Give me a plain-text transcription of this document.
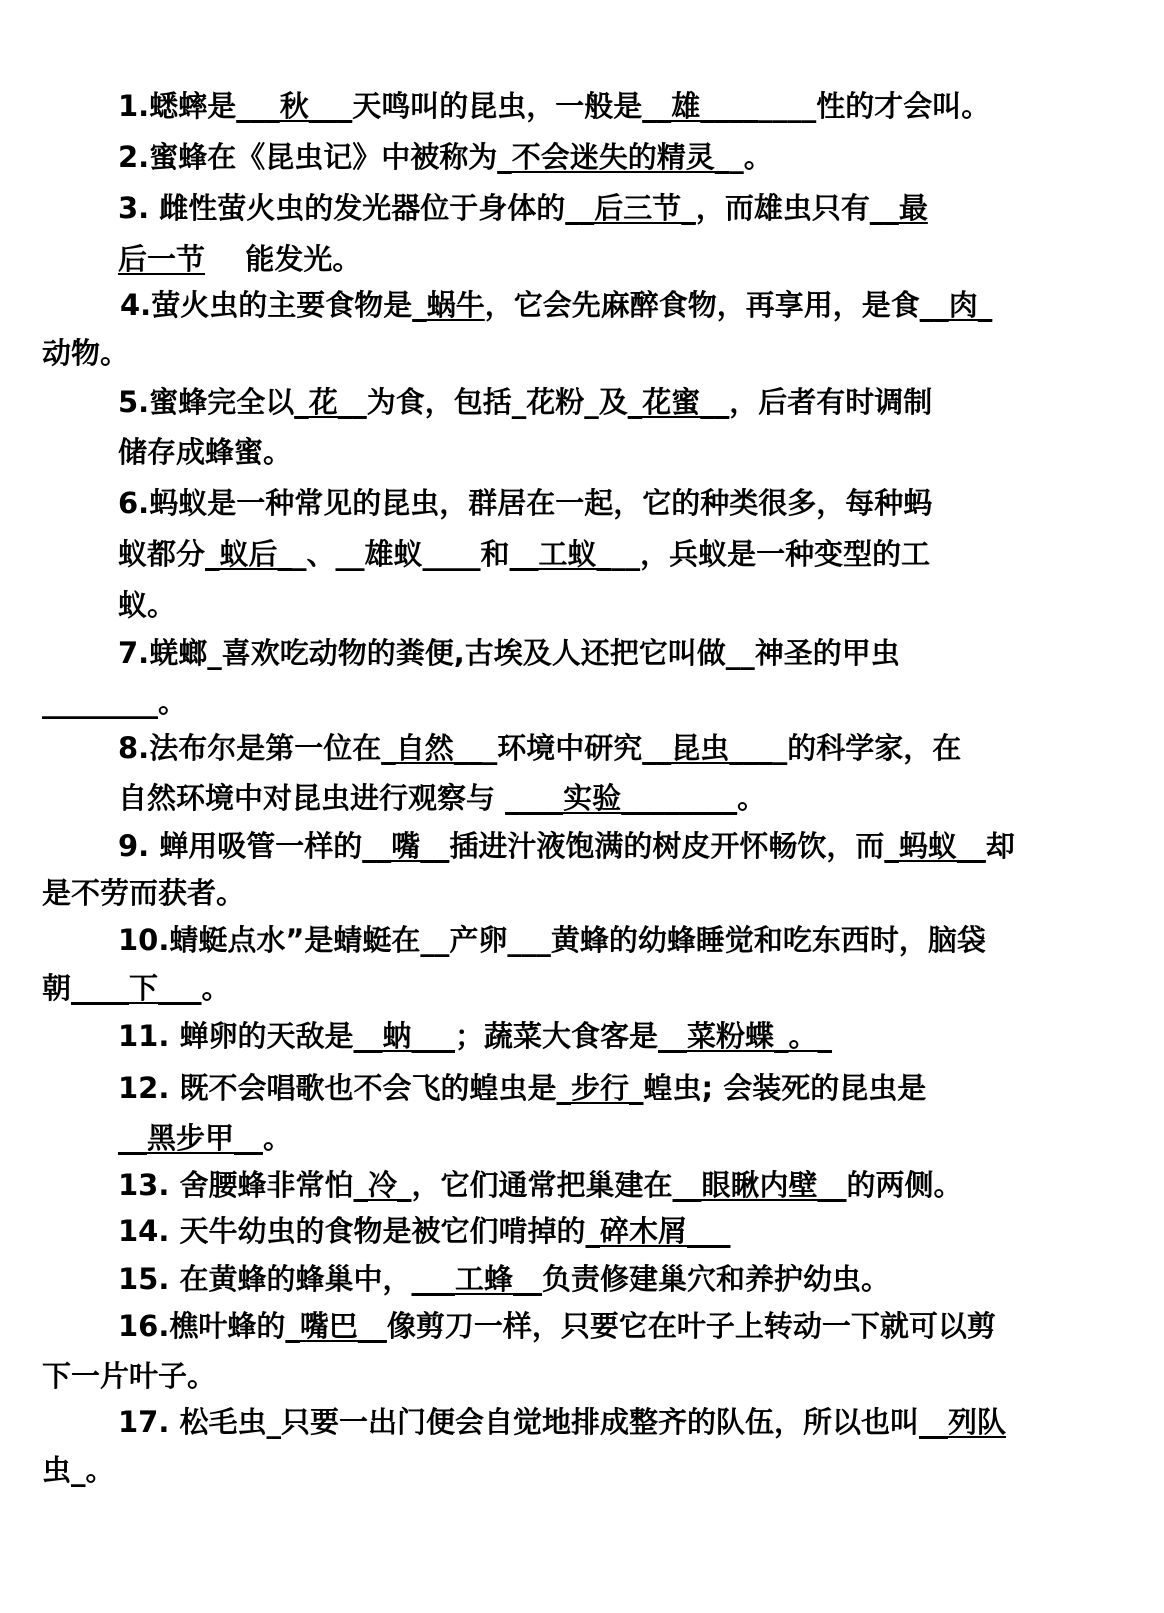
1.蟋蟀是___秋___天鸣叫的昆虫，一般是__雄________性的才会叫。
2.蜜蜂在《昆虫记》中被称为_不会迷失的精灵__。
3. 雌性萤火虫的发光器位于身体的__后三节_，而雄虫只有__最
后一节    能发光。
4.萤火虫的主要食物是_蜗牛，它会先麻醉食物，再享用，是食__肉_
动物。
5.蜜蜂完全以_花__为食，包括_花粉_及_花蜜__，后者有时调制
储存成蜂蜜。
6.蚂蚁是一种常见的昆虫，群居在一起，它的种类很多，每种蚂
蚁都分_蚁后__、__雄蚁____和__工蚁___，兵蚁是一种变型的工
蚁。
7.蜣螂_喜欢吃动物的粪便,古埃及人还把它叫做__神圣的甲虫
________。
8.法布尔是第一位在_自然___环境中研究__昆虫____的科学家，在
自然环境中对昆虫进行观察与 ____实验________。
9. 蝉用吸管一样的__嘴__插进汁液饱满的树皮开怀畅饮，而_蚂蚁__却
是不劳而获者。
10.蜻蜓点水”是蜻蜓在__产卵___黄蜂的幼蜂睡觉和吃东西时，脑袋
朝____下___。
11. 蝉卵的天敌是__蚋___；蔬菜大食客是__菜粉蝶_。_
12. 既不会唱歌也不会飞的蝗虫是_步行_蝗虫; 会装死的昆虫是
__黑步甲__。
13. 舍腰蜂非常怕_冷_，它们通常把巢建在__眼瞅内壁__的两侧。
14. 天牛幼虫的食物是被它们啃掉的_碎木屑___
15. 在黄蜂的蜂巢中，___工蜂__负责修建巢穴和养护幼虫。
16.樵叶蜂的_嘴巴__像剪刀一样，只要它在叶子上转动一下就可以剪
下一片叶子。
17. 松毛虫_只要一出门便会自觉地排成整齐的队伍，所以也叫__列队
虫_。
